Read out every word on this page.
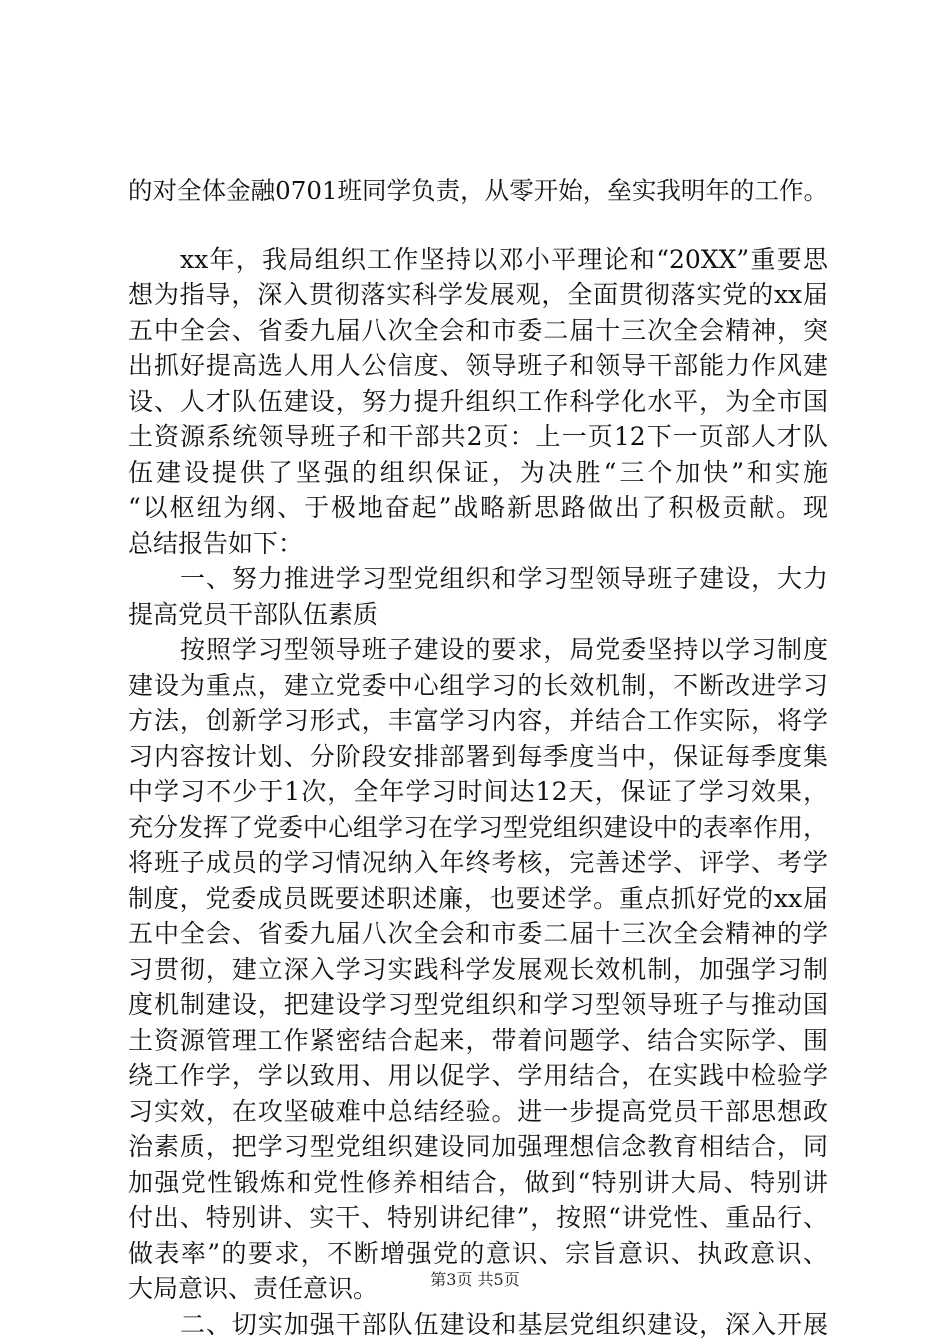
的对全体金融0701班同学负责，从零开始，垒实我明年的工作。
xx年，我局组织工作坚持以邓小平理论和“20XX”重要思
想为指导，深入贯彻落实科学发展观，全面贯彻落实党的xx届
五中全会、省委九届八次全会和市委二届十三次全会精神，突
出抓好提高选人用人公信度、领导班子和领导干部能力作风建
设、人才队伍建设，努力提升组织工作科学化水平，为全市国
土资源系统领导班子和干部共2页：上一页12下一页部人才队
伍建设提供了坚强的组织保证，为决胜“三个加快”和实施
“以枢纽为纲、于极地奋起”战略新思路做出了积极贡献。现
总结报告如下：
一、努力推进学习型党组织和学习型领导班子建设，大力
提高党员干部队伍素质
按照学习型领导班子建设的要求，局党委坚持以学习制度
建设为重点，建立党委中心组学习的长效机制，不断改进学习
方法，创新学习形式，丰富学习内容，并结合工作实际，将学
习内容按计划、分阶段安排部署到每季度当中，保证每季度集
中学习不少于1次，全年学习时间达12天，保证了学习效果，
充分发挥了党委中心组学习在学习型党组织建设中的表率作用，
将班子成员的学习情况纳入年终考核，完善述学、评学、考学
制度，党委成员既要述职述廉，也要述学。重点抓好党的xx届
五中全会、省委九届八次全会和市委二届十三次全会精神的学
习贯彻，建立深入学习实践科学发展观长效机制，加强学习制
度机制建设，把建设学习型党组织和学习型领导班子与推动国
土资源管理工作紧密结合起来，带着问题学、结合实际学、围
绕工作学，学以致用、用以促学、学用结合，在实践中检验学
习实效，在攻坚破难中总结经验。进一步提高党员干部思想政
治素质，把学习型党组织建设同加强理想信念教育相结合，同
加强党性锻炼和党性修养相结合，做到“特别讲大局、特别讲
付出、特别讲、实干、特别讲纪律”，按照“讲党性、重品行、
做表率”的要求，不断增强党的意识、宗旨意识、执政意识、
大局意识、责任意识。
二、切实加强干部队伍建设和基层党组织建设，深入开展
第3页 共5页
